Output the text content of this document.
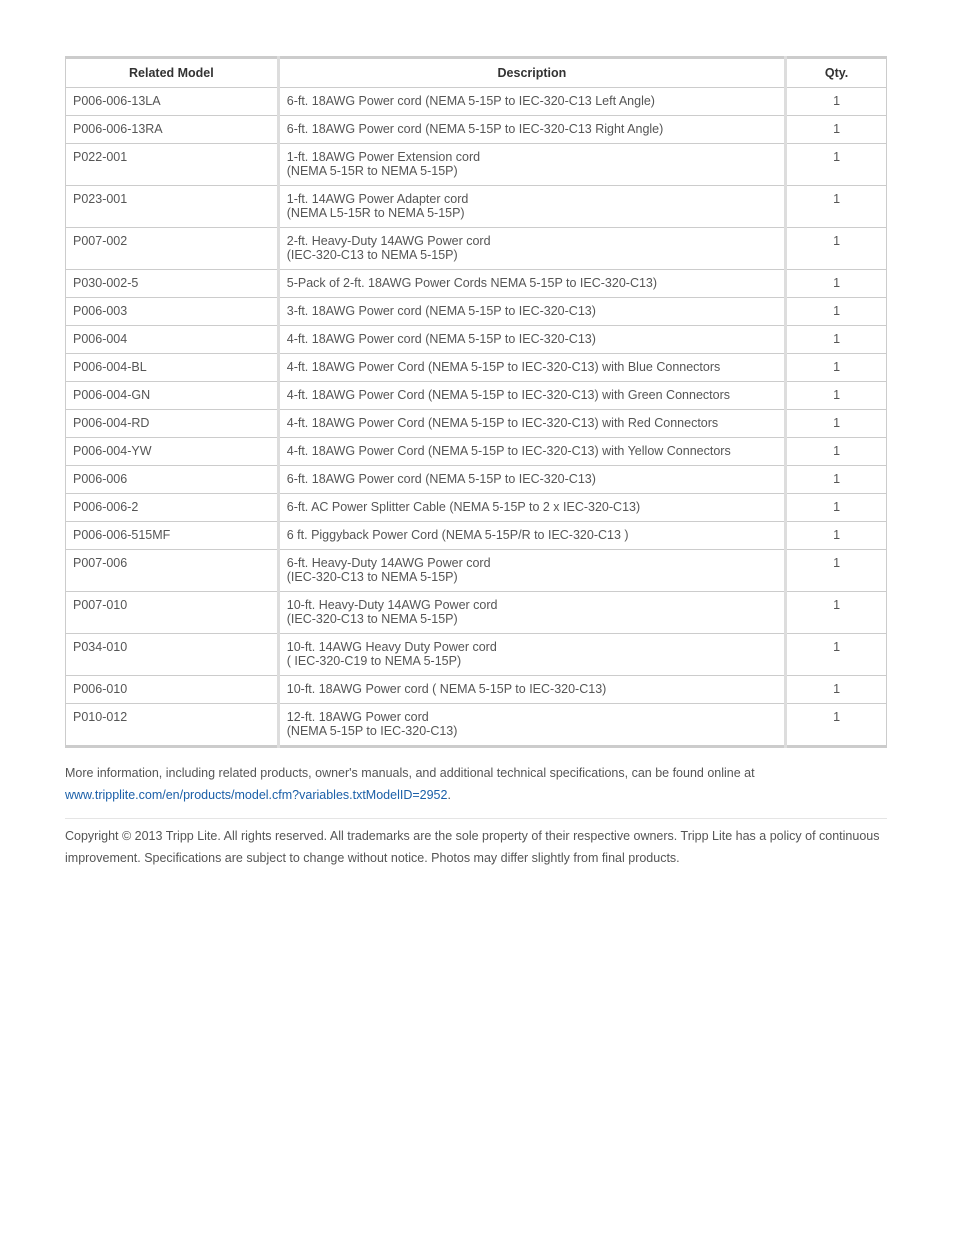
Related Model	Description	Qty.
P006-006-13LA	6-ft. 18AWG Power cord (NEMA 5-15P to IEC-320-C13 Left Angle)	1
P006-006-13RA	6-ft. 18AWG Power cord (NEMA 5-15P to IEC-320-C13 Right Angle)	1
P022-001	1-ft. 18AWG Power Extension cord
(NEMA 5-15R to NEMA 5-15P)	1
P023-001	1-ft. 14AWG Power Adapter cord
(NEMA L5-15R to NEMA 5-15P)	1
P007-002	2-ft. Heavy-Duty 14AWG Power cord
(IEC-320-C13 to NEMA 5-15P)	1
P030-002-5	5-Pack of 2-ft. 18AWG Power Cords NEMA 5-15P to IEC-320-C13)	1
P006-003	3-ft. 18AWG Power cord (NEMA 5-15P to IEC-320-C13)	1
P006-004	4-ft. 18AWG Power cord (NEMA 5-15P to IEC-320-C13)	1
P006-004-BL	4-ft. 18AWG Power Cord (NEMA 5-15P to IEC-320-C13) with Blue Connectors	1
P006-004-GN	4-ft. 18AWG Power Cord (NEMA 5-15P to IEC-320-C13) with Green Connectors	1
P006-004-RD	4-ft. 18AWG Power Cord (NEMA 5-15P to IEC-320-C13) with Red Connectors	1
P006-004-YW	4-ft. 18AWG Power Cord (NEMA 5-15P to IEC-320-C13) with Yellow Connectors	1
P006-006	6-ft. 18AWG Power cord (NEMA 5-15P to IEC-320-C13)	1
P006-006-2	6-ft. AC Power Splitter Cable (NEMA 5-15P to 2 x IEC-320-C13)	1
P006-006-515MF	6 ft. Piggyback Power Cord (NEMA 5-15P/R to IEC-320-C13 )	1
P007-006	6-ft. Heavy-Duty 14AWG Power cord
(IEC-320-C13 to NEMA 5-15P)	1
P007-010	10-ft. Heavy-Duty 14AWG Power cord
(IEC-320-C13 to NEMA 5-15P)	1
P034-010	10-ft. 14AWG Heavy Duty Power cord
( IEC-320-C19 to NEMA 5-15P)	1
P006-010	10-ft. 18AWG Power cord ( NEMA 5-15P to IEC-320-C13)	1
P010-012	12-ft. 18AWG Power cord
(NEMA 5-15P to IEC-320-C13)	1
More information, including related products, owner's manuals, and additional technical specifications, can be found online at
www.tripplite.com/en/products/model.cfm?variables.txtModelID=2952.
Copyright © 2013 Tripp Lite. All rights reserved. All trademarks are the sole property of their respective owners. Tripp Lite has a policy of continuous improvement. Specifications are subject to change without notice. Photos may differ slightly from final products.
